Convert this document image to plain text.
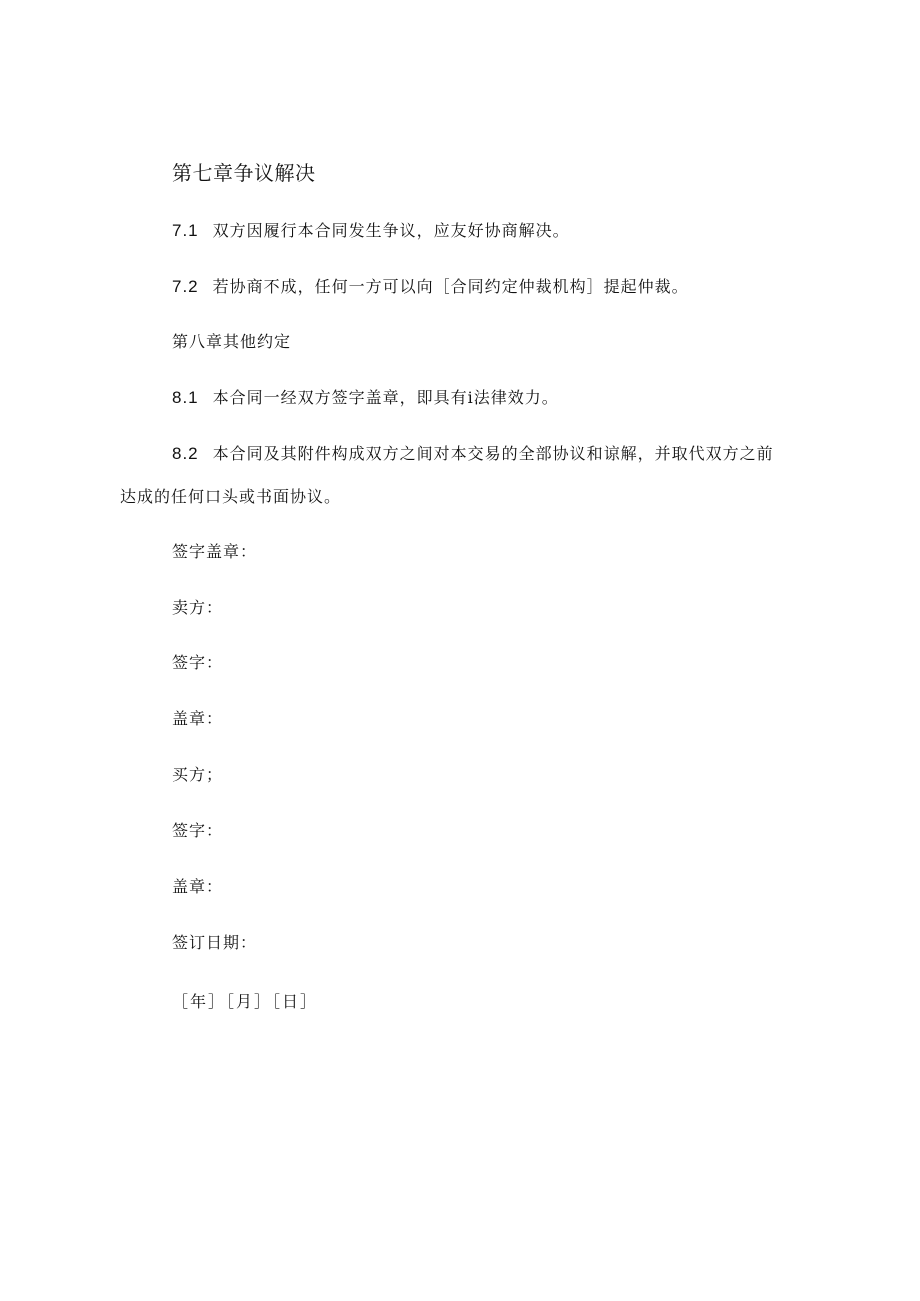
第七章争议解决
7.1 双方因履行本合同发生争议，应友好协商解决。
7.2 若协商不成，任何一方可以向［合同约定仲裁机构］提起仲裁。
第八章其他约定
8.1 本合同一经双方签字盖章，即具有i法律效力。
8.2 本合同及其附件构成双方之间对本交易的全部协议和谅解，并取代双方之前
达成的任何口头或书面协议。
签字盖章：
卖方：
签字：
盖章：
买方；
签字：
盖章：
签订日期：
［年］［月］［日］
